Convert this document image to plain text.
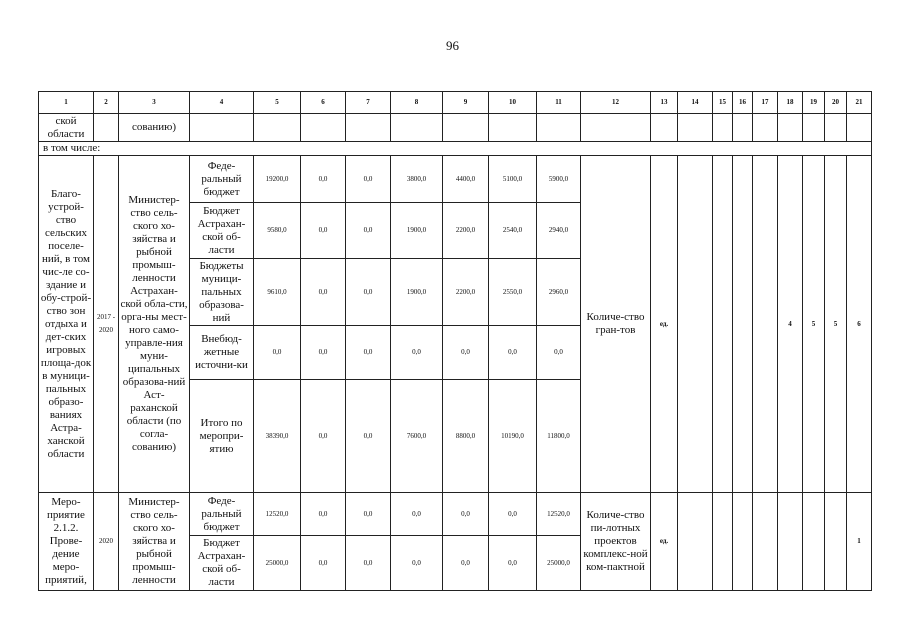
96
1	2	3	4	5	6	7	8	9	10	11	12	13	14	15	16	17	18	19	20	21
ской области		сованию)																		
в том числе:																				
Благо-устрой-ство сельских поселе-ний, в том чис-ле со-здание и обу-строй-ство зон отдыха и дет-ских игровых площа-док в муници-пальных образо-ваниях Астра-ханской области	2017 - 2020	Министер-ство сель-ского хо-зяйства и рыбной промыш-ленности Астрахан-ской обла-сти, орга-ны мест-ного само-управле-ния муни-ципальных образова-ний Аст-раханской области (по согла-сованию)	Феде-ральный бюджет	19200,0	0,0	0,0	3800,0	4400,0	5100,0	5900,0	Количе-ство гран-тов	ед.					4	5	5	6
			Бюджет Астрахан-ской об-ласти	9580,0	0,0	0,0	1900,0	2200,0	2540,0	2940,0										
			Бюджеты муници-пальных образова-ний	9610,0	0,0	0,0	1900,0	2200,0	2550,0	2960,0										
			Внебюд-жетные источни-ки	0,0	0,0	0,0	0,0	0,0	0,0	0,0										
			Итого по меропри-ятию	38390,0	0,0	0,0	7600,0	8800,0	10190,0	11800,0										
Меро-приятие 2.1.2. Прове-дение меро-приятий,	2020	Министер-ство сель-ского хо-зяйства и рыбной промыш-ленности	Феде-ральный бюджет	12520,0	0,0	0,0	0,0	0,0	0,0	12520,0	Количе-ство пи-лотных проектов комплекс-ной ком-пактной	ед.								1
			Бюджет Астрахан-ской об-ласти	25000,0	0,0	0,0	0,0	0,0	0,0	25000,0										
